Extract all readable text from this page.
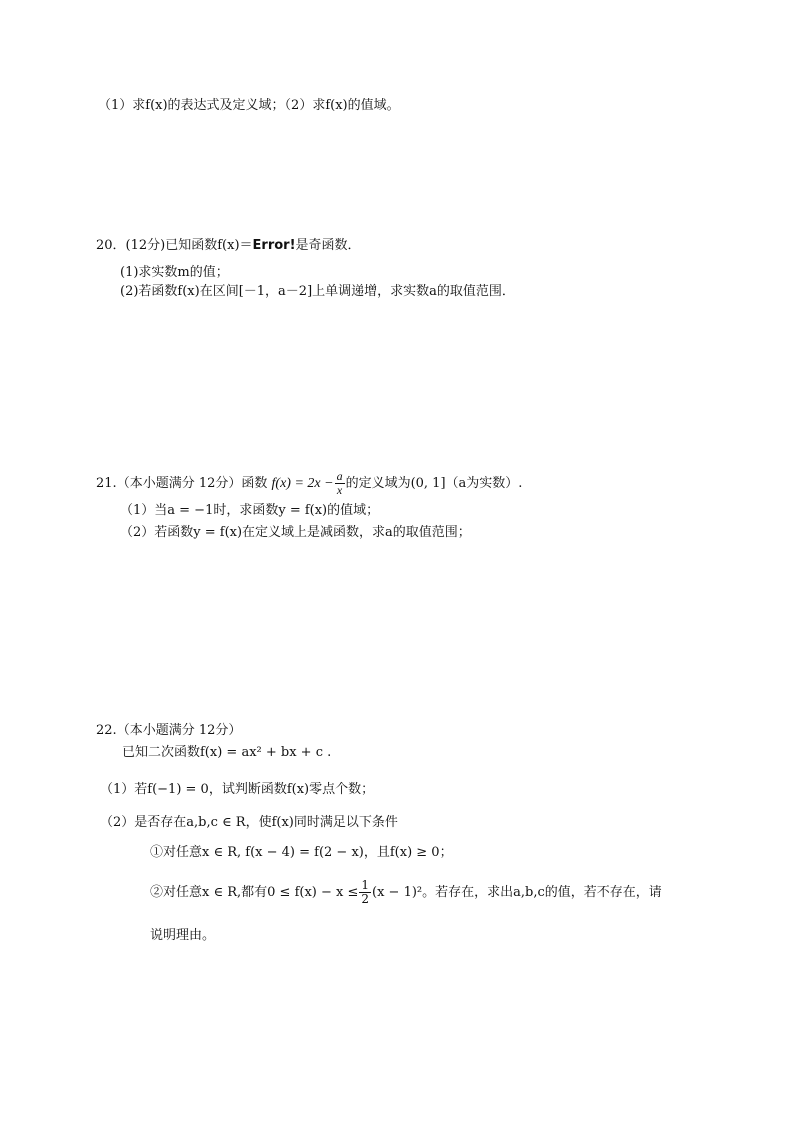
（1）求f(x)的表达式及定义域；（2）求f(x)的值域。
20．(12分)已知函数f(x)＝Error!是奇函数．
(1)求实数m的值；
(2)若函数f(x)在区间[－1，a－2]上单调递增，求实数a的取值范围．
21.（本小题满分 12分）函数 $f(x) = 2x - \frac{a}{x}$ 的定义域为(0, 1]（a为实数）.
（1）当a = −1时，求函数y = f(x)的值域；
（2）若函数y = f(x)在定义域上是减函数，求a的取值范围；
22.（本小题满分 12分）
已知二次函数f(x) = ax² + bx + c .
（1）若f(−1) = 0，试判断函数f(x)零点个数；
（2）是否存在a,b,c ∈ R，使f(x)同时满足以下条件
①对任意x ∈ R, f(x − 4) = f(2 − x)，且f(x) ≥ 0；
②对任意x ∈ R,都有$0 \le f(x) - x \le \frac{1}{2} (x - 1)^2$。若存在，求出a,b,c的值，若不存在，请
说明理由。
